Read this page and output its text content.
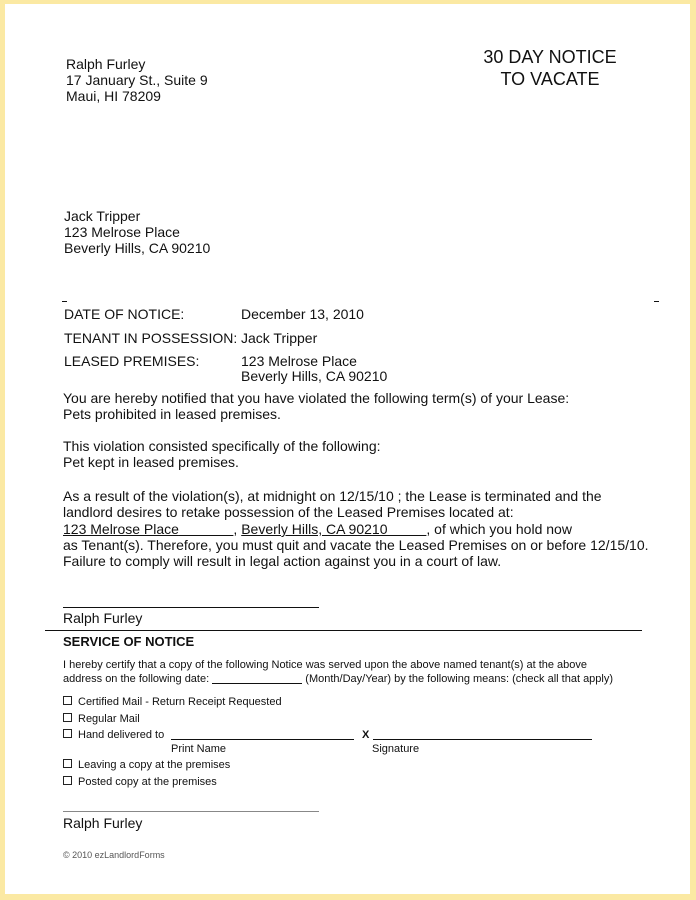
Ralph Furley
17 January St., Suite 9
Maui, HI 78209
30 DAY NOTICE
TO VACATE
Jack Tripper
123 Melrose Place
Beverly Hills, CA 90210
DATE OF NOTICE:	December 13, 2010
TENANT IN POSSESSION: Jack Tripper
LEASED PREMISES:	123 Melrose Place
Beverly Hills, CA 90210
You are hereby notified that you have violated the following term(s) of your Lease:
Pets prohibited in leased premises.
This violation consisted specifically of the following:
Pet kept in leased premises.
As a result of the violation(s), at midnight on 12/15/10 ; the Lease is terminated and the
landlord desires to retake possession of the Leased Premises located at:
123 Melrose Place	, Beverly Hills, CA 90210	, of which you hold now
as Tenant(s). Therefore, you must quit and vacate the Leased Premises on or before 12/15/10.
Failure to comply will result in legal action against you in a court of law.
Ralph Furley
SERVICE OF NOTICE
I hereby certify that a copy of the following Notice was served upon the above named tenant(s) at the above
address on the following date:	(Month/Day/Year) by the following means: (check all that apply)
Certified Mail - Return Receipt Requested
Regular Mail
Hand delivered to	X
Print Name	Signature
Leaving a copy at the premises
Posted copy at the premises
Ralph Furley
© 2010 ezLandlordForms
